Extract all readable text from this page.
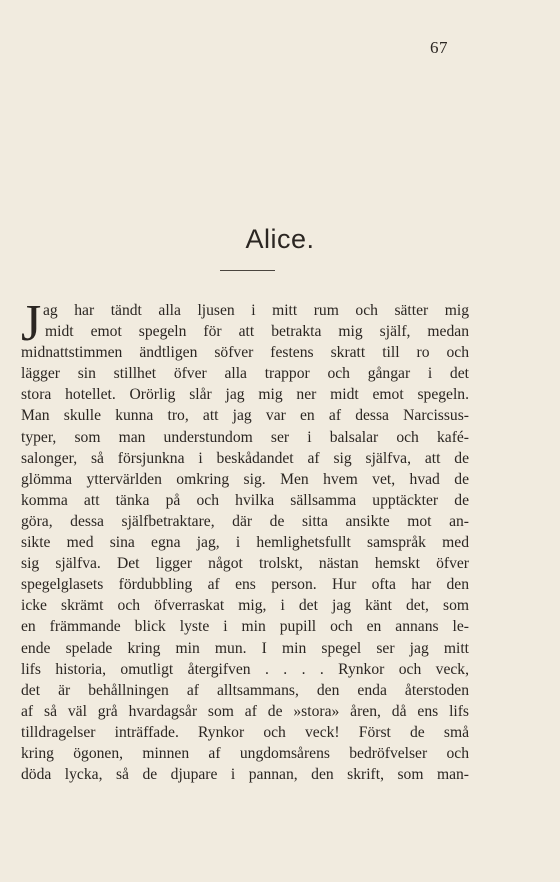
67
Alice.
J ag har tändt alla ljusen i mitt rum och sätter mig
midt emot spegeln för att betrakta mig själf, medan
midnattstimmen ändtligen söfver festens skratt till ro och
lägger sin stillhet öfver alla trappor och gångar i det
stora hotellet. Orörlig slår jag mig ner midt emot spegeln.
Man skulle kunna tro, att jag var en af dessa Narcissus-
typer, som man understundom ser i balsalar och kafé-
salonger, så försjunkna i beskådandet af sig själfva, att de
glömma yttervärlden omkring sig. Men hvem vet, hvad de
komma att tänka på och hvilka sällsamma upptäckter de
göra, dessa själfbetraktare, där de sitta ansikte mot an-
sikte med sina egna jag, i hemlighetsfullt samspråk med
sig själfva. Det ligger något trolskt, nästan hemskt öfver
spegelglasets fördubbling af ens person. Hur ofta har den
icke skrämt och öfverraskat mig, i det jag känt det, som
en främmande blick lyste i min pupill och en annans le-
ende spelade kring min mun. I min spegel ser jag mitt
lifs historia, omutligt återgifven . . . . Rynkor och veck,
det är behållningen af alltsammans, den enda återstoden
af så väl grå hvardagsår som af de »stora» åren, då ens lifs
tilldragelser inträffade. Rynkor och veck! Först de små
kring ögonen, minnen af ungdomsårens bedröfvelser och
döda lycka, så de djupare i pannan, den skrift, som man-
